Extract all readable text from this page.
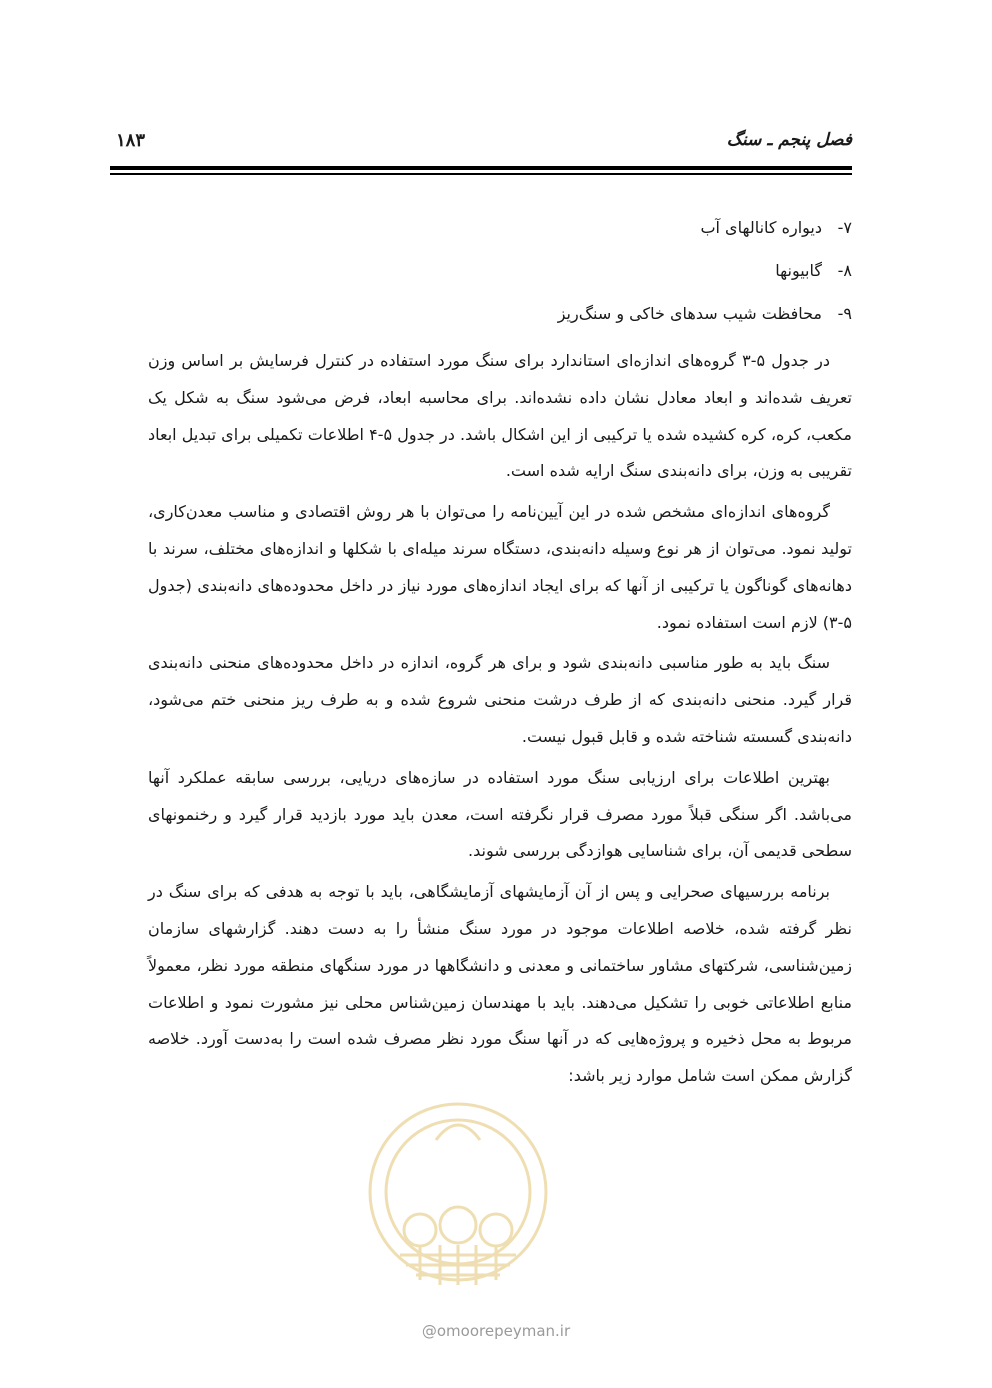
فصل پنجم ـ سنگ
۱۸۳
۷-
دیواره کانالهای آب
۸-
گابیونها
۹-
محافظت شیب سدهای خاکی و سنگ‌ریز

در جدول ۵-۳ گروه‌های اندازه‌ای استاندارد برای سنگ مورد استفاده در کنترل فرسایش بر اساس وزن تعریف شده‌اند و ابعاد معادل نشان داده نشده‌اند. برای محاسبه ابعاد، فرض می‌شود سنگ به شکل یک مکعب، کره، کره کشیده شده یا ترکیبی از این اشکال باشد. در جدول ۵-۴ اطلاعات تکمیلی برای تبدیل ابعاد تقریبی به وزن، برای دانه‌بندی سنگ ارایه شده است.

گروه‌های اندازه‌ای مشخص شده در این آیین‌نامه را می‌توان با هر روش اقتصادی و مناسب معدن‌کاری، تولید نمود. می‌توان از هر نوع وسیله دانه‌بندی، دستگاه سرند میله‌ای با شکلها و اندازه‌های مختلف، سرند با دهانه‌های گوناگون یا ترکیبی از آنها که برای ایجاد اندازه‌های مورد نیاز در داخل محدوده‌های دانه‌بندی (جدول ۵-۳) لازم است استفاده نمود.

سنگ باید به طور مناسبی دانه‌بندی شود و برای هر گروه، اندازه در داخل محدوده‌های منحنی دانه‌بندی قرار گیرد. منحنی دانه‌بندی که از طرف درشت منحنی شروع شده و به طرف ریز منحنی ختم می‌شود، دانه‌بندی گسسته شناخته شده و قابل قبول نیست.

بهترین اطلاعات برای ارزیابی سنگ مورد استفاده در سازه‌های دریایی، بررسی سابقه عملکرد آنها می‌باشد. اگر سنگی قبلاً مورد مصرف قرار نگرفته است، معدن باید مورد بازدید قرار گیرد و رخنمونهای سطحی قدیمی آن، برای شناسایی هوازدگی بررسی شوند.

برنامه بررسیهای صحرایی و پس از آن آزمایشهای آزمایشگاهی، باید با توجه به هدفی که برای سنگ در نظر گرفته شده، خلاصه اطلاعات موجود در مورد سنگ منشأ را به دست دهند. گزارشهای سازمان زمین‌شناسی، شرکتهای مشاور ساختمانی و معدنی و دانشگاهها در مورد سنگهای منطقه مورد نظر، معمولاً منابع اطلاعاتی خوبی را تشکیل می‌دهند. باید با مهندسان زمین‌شناس محلی نیز مشورت نمود و اطلاعات مربوط به محل ذخیره و پروژه‌هایی که در آنها سنگ مورد نظر مصرف شده است را به‌دست آورد. خلاصه گزارش ممکن است شامل موارد زیر باشد:

@omoorepeyman.ir
